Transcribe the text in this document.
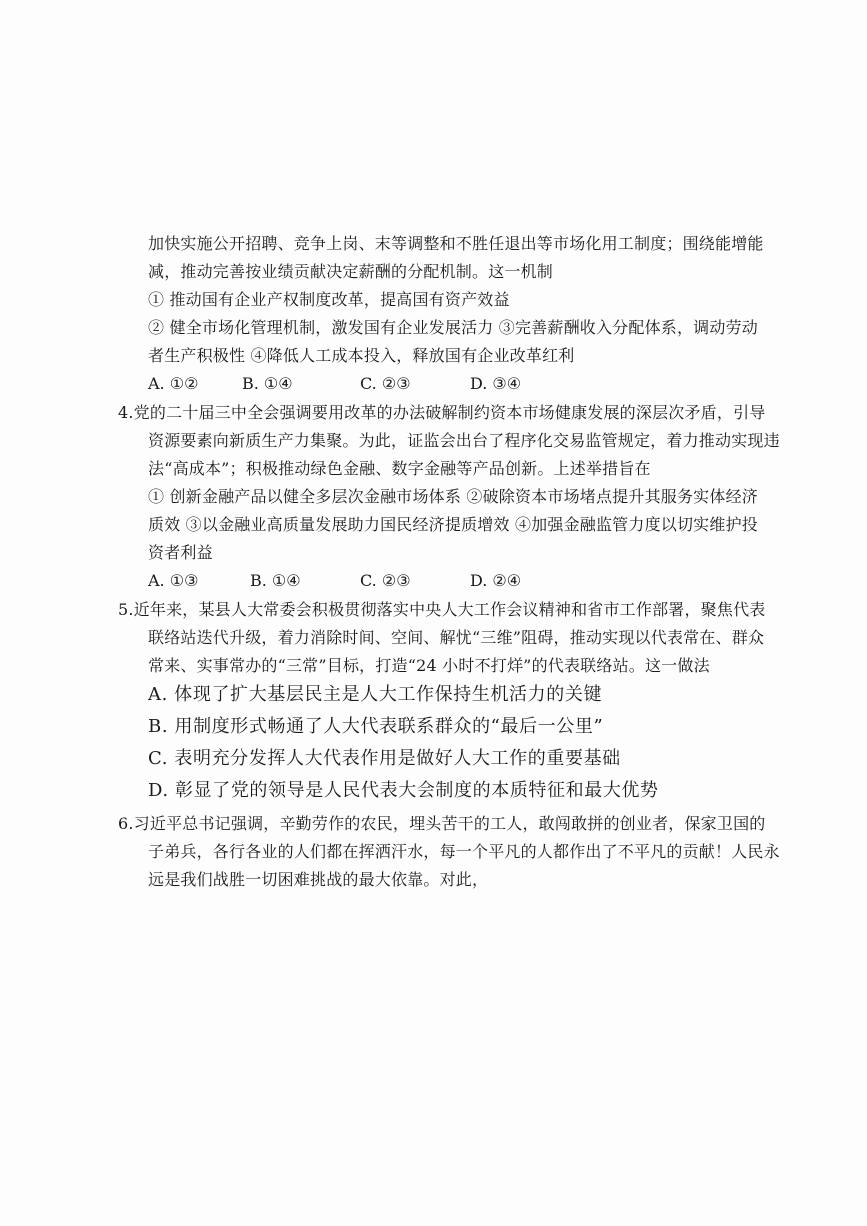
加快实施公开招聘、竞争上岗、末等调整和不胜任退出等市场化用工制度；围绕能增能
减，推动完善按业绩贡献决定薪酬的分配机制。这一机制
① 推动国有企业产权制度改革，提高国有资产效益
② 健全市场化管理机制，激发国有企业发展活力 ③完善薪酬收入分配体系，调动劳动
者生产积极性 ④降低人工成本投入，释放国有企业改革红利
A. ①②	B. ①④	C. ②③	D. ③④
4.党的二十届三中全会强调要用改革的办法破解制约资本市场健康发展的深层次矛盾，引导
资源要素向新质生产力集聚。为此，证监会出台了程序化交易监管规定，着力推动实现违
法“高成本”；积极推动绿色金融、数字金融等产品创新。上述举措旨在
① 创新金融产品以健全多层次金融市场体系 ②破除资本市场堵点提升其服务实体经济
质效 ③以金融业高质量发展助力国民经济提质增效 ④加强金融监管力度以切实维护投
资者利益
A. ①③	B. ①④	C. ②③	D. ②④
5.近年来，某县人大常委会积极贯彻落实中央人大工作会议精神和省市工作部署，聚焦代表
联络站迭代升级，着力消除时间、空间、解忧“三维”阻碍，推动实现以代表常在、群众
常来、实事常办的“三常”目标，打造“24 小时不打烊”的代表联络站。这一做法
A. 体现了扩大基层民主是人大工作保持生机活力的关键
B. 用制度形式畅通了人大代表联系群众的“最后一公里”
C. 表明充分发挥人大代表作用是做好人大工作的重要基础
D. 彰显了党的领导是人民代表大会制度的本质特征和最大优势
6.习近平总书记强调，辛勤劳作的农民，埋头苦干的工人，敢闯敢拼的创业者，保家卫国的
子弟兵，各行各业的人们都在挥洒汗水，每一个平凡的人都作出了不平凡的贡献！人民永
远是我们战胜一切困难挑战的最大依靠。对此，
